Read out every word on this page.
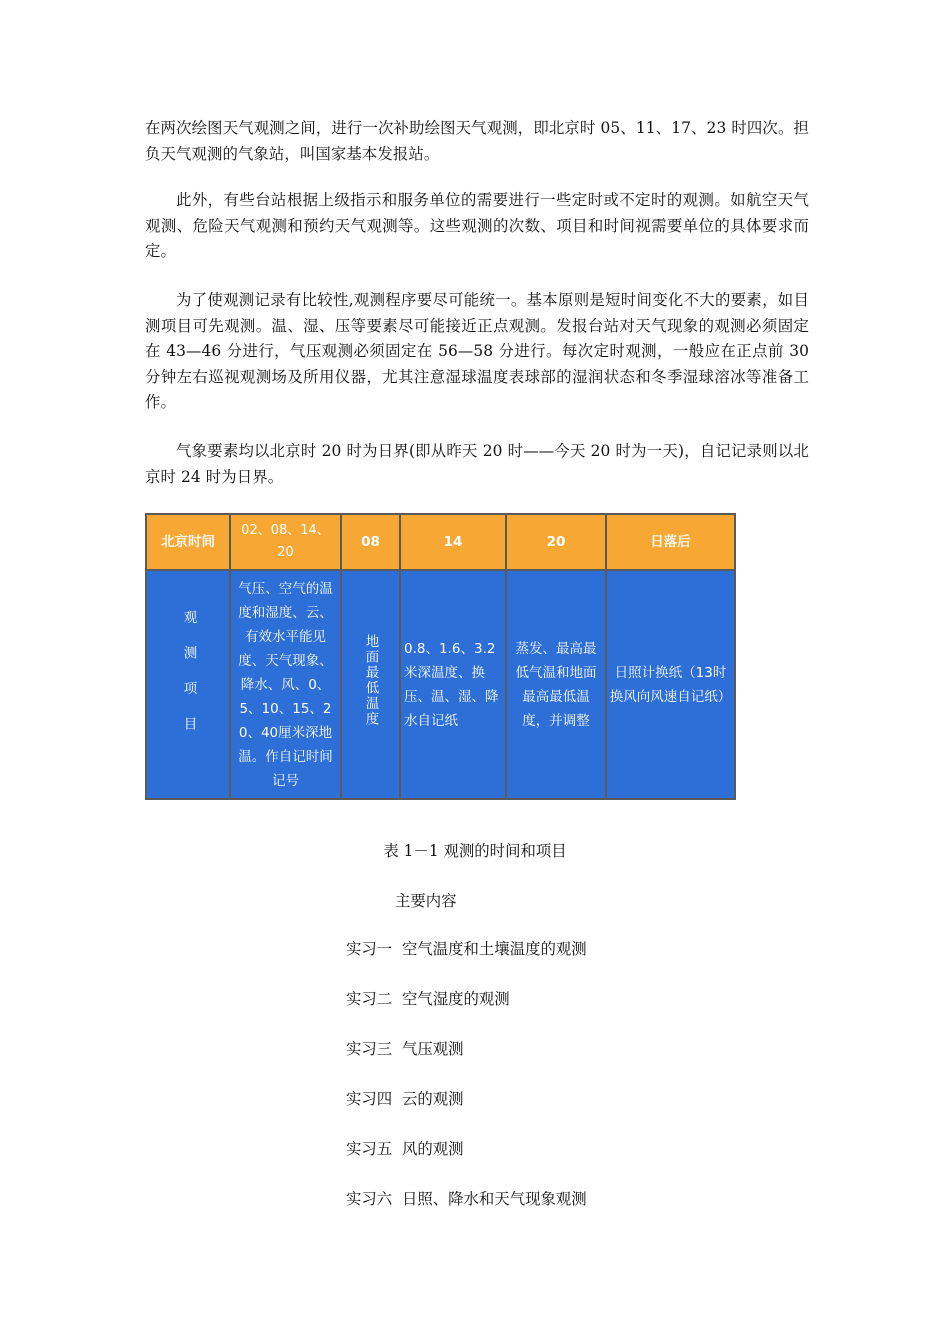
在两次绘图天气观测之间，进行一次补助绘图天气观测，即北京时 05、11、17、23 时四次。担负天气观测的气象站，叫国家基本发报站。

此外，有些台站根据上级指示和服务单位的需要进行一些定时或不定时的观测。如航空天气观测、危险天气观测和预约天气观测等。这些观测的次数、项目和时间视需要单位的具体要求而定。

为了使观测记录有比较性,观测程序要尽可能统一。基本原则是短时间变化不大的要素，如目测项目可先观测。温、湿、压等要素尽可能接近正点观测。发报台站对天气现象的观测必须固定在 43—46 分进行，气压观测必须固定在 56—58 分进行。每次定时观测，一般应在正点前 30 分钟左右巡视观测场及所用仪器，尤其注意湿球温度表球部的湿润状态和冬季湿球溶冰等准备工作。

气象要素均以北京时 20 时为日界(即从昨天 20 时——今天 20 时为一天)，自记记录则以北京时 24 时为日界。

北京时间	02、08、14、20	08	14	20	日落后
观测项目	气压、空气的温度和湿度、云、有效水平能见度、天气现象、降水、风、0、5、10、15、20、40厘米深地温。作自记时间记号	地面最低温度	0.8、1.6、3.2米深温度、换压、温、湿、降水自记纸	蒸发、最高最低气温和地面最高最低温度，并调整	日照计换纸（13时换风向风速自记纸）
表 1－1 观测的时间和项目
主要内容
实习一  空气温度和土壤温度的观测
实习二  空气湿度的观测
实习三  气压观测
实习四  云的观测
实习五  风的观测
实习六  日照、降水和天气现象观测
